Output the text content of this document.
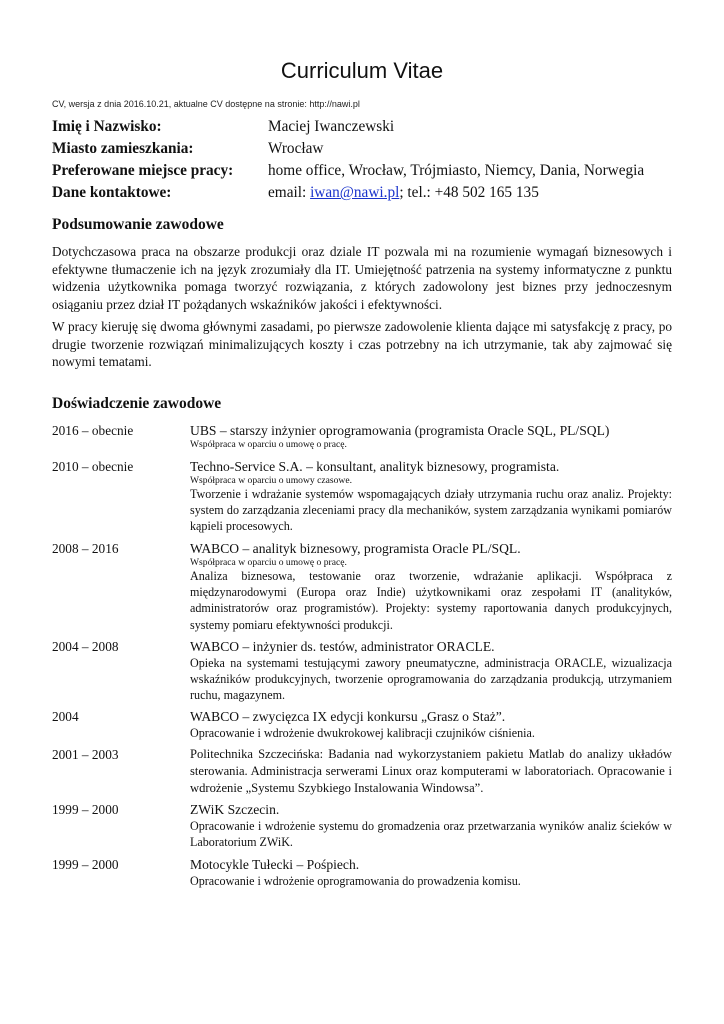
Curriculum Vitae
CV, wersja z dnia 2016.10.21, aktualne CV dostępne na stronie: http://nawi.pl
Imię i Nazwisko:	Maciej Iwanczewski
Miasto zamieszkania:	Wrocław
Preferowane miejsce pracy: home office, Wrocław, Trójmiasto, Niemcy, Dania, Norwegia
Dane kontaktowe:	email: iwan@nawi.pl; tel.: +48 502 165 135
Podsumowanie zawodowe
Dotychczasowa praca na obszarze produkcji oraz dziale IT pozwala mi na rozumienie wymagań biznesowych i efektywne tłumaczenie ich na język zrozumiały dla IT. Umiejętność patrzenia na systemy informatyczne z punktu widzenia użytkownika pomaga tworzyć rozwiązania, z których zadowolony jest biznes przy jednoczesnym osiąganiu przez dział IT pożądanych wskaźników jakości i efektywności.
W pracy kieruję się dwoma głównymi zasadami, po pierwsze zadowolenie klienta dające mi satysfakcję z pracy, po drugie tworzenie rozwiązań minimalizujących koszty i czas potrzebny na ich utrzymanie, tak aby zajmować się nowymi tematami.
Doświadczenie zawodowe
2016 – obecnie	UBS – starszy inżynier oprogramowania (programista Oracle SQL, PL/SQL)
Współpraca w oparciu o umowę o pracę.
2010 – obecnie	Techno-Service S.A. – konsultant, analityk biznesowy, programista.
Współpraca w oparciu o umowy czasowe.
Tworzenie i wdrażanie systemów wspomagających działy utrzymania ruchu oraz analiz. Projekty: system do zarządzania zleceniami pracy dla mechaników, system zarządzania wynikami pomiarów kąpieli procesowych.
2008 – 2016	WABCO – analityk biznesowy, programista Oracle PL/SQL.
Współpraca w oparciu o umowę o pracę.
Analiza biznesowa, testowanie oraz tworzenie, wdrażanie aplikacji. Współpraca z międzynarodowymi (Europa oraz Indie) użytkownikami oraz zespołami IT (analityków, administratorów oraz programistów). Projekty: systemy raportowania danych produkcyjnych, systemy pomiaru efektywności produkcji.
2004 – 2008	WABCO – inżynier ds. testów, administrator ORACLE.
Opieka na systemami testującymi zawory pneumatyczne, administracja ORACLE, wizualizacja wskaźników produkcyjnych, tworzenie oprogramowania do zarządzania produkcją, utrzymaniem ruchu, magazynem.
2004	WABCO – zwycięzca IX edycji konkursu „Grasz o Staż”.
Opracowanie i wdrożenie dwukrokowej kalibracji czujników ciśnienia.
2001 – 2003	Politechnika Szczecińska: Badania nad wykorzystaniem pakietu Matlab do analizy układów sterowania. Administracja serwerami Linux oraz komputerami w laboratoriach. Opracowanie i wdrożenie „Systemu Szybkiego Instalowania Windowsa”.
1999 – 2000	ZWiK Szczecin.
Opracowanie i wdrożenie systemu do gromadzenia oraz przetwarzania wyników analiz ścieków w Laboratorium ZWiK.
1999 – 2000	Motocykle Tułecki – Pośpiech.
Opracowanie i wdrożenie oprogramowania do prowadzenia komisu.
